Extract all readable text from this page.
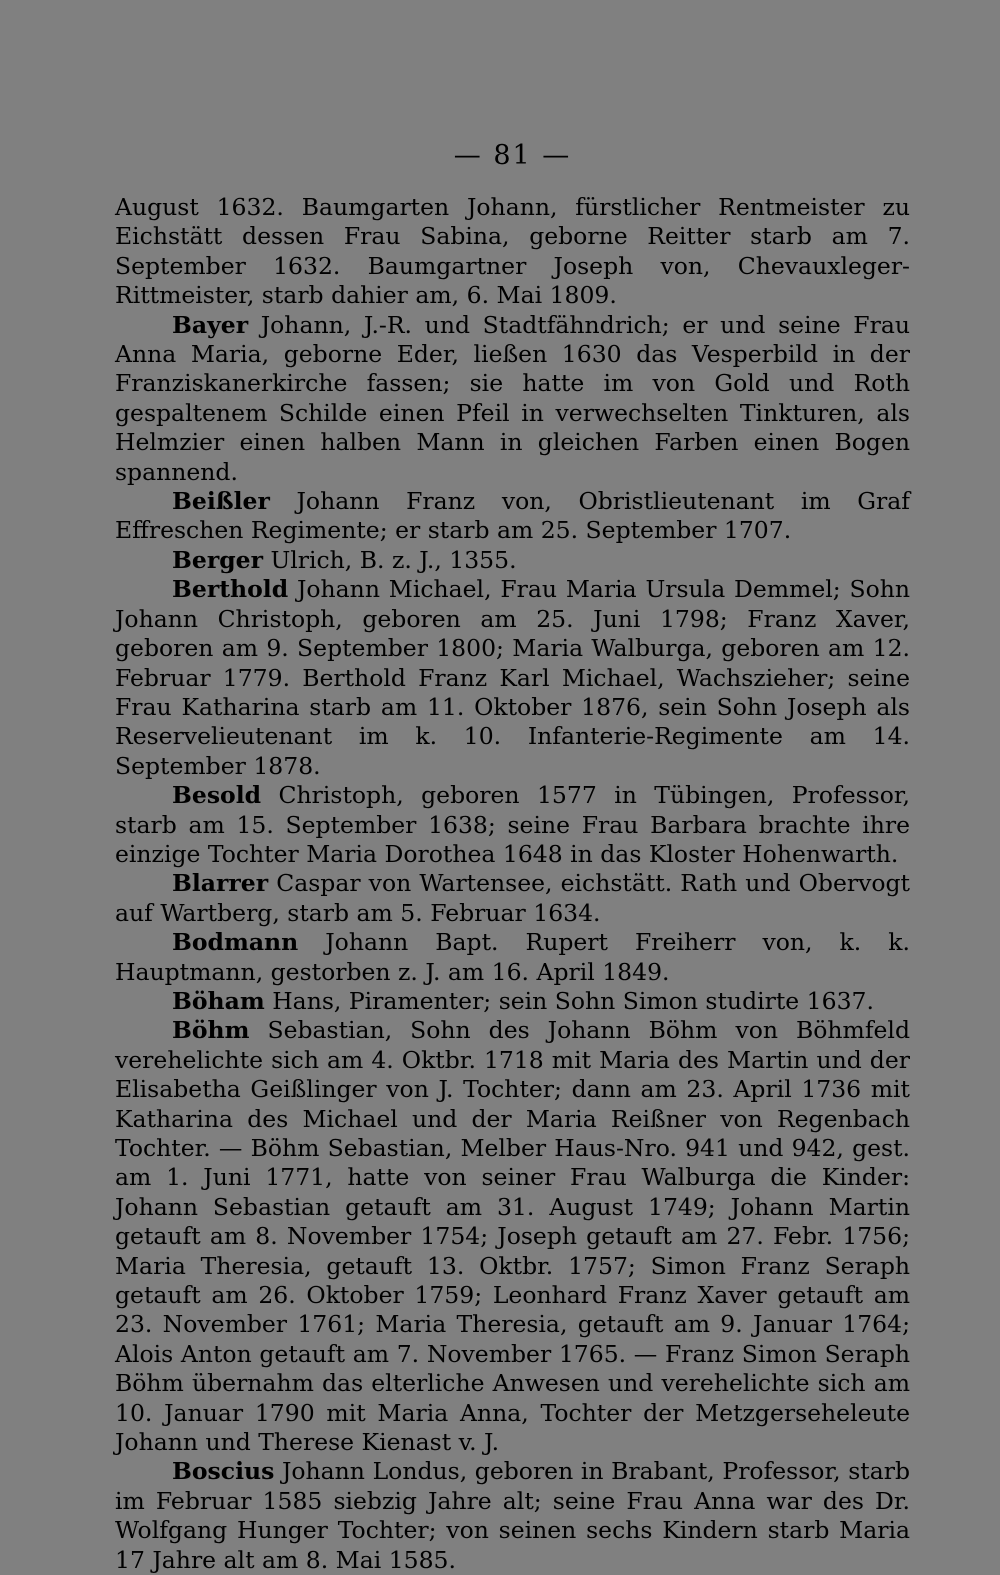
— 81 —

August 1632. Baumgarten Johann, fürstlicher Rentmeister zu Eichstätt dessen Frau Sabina, geborne Reitter starb am 7. September 1632. Baumgartner Joseph von, Chevauxleger-Rittmeister, starb dahier am, 6. Mai 1809.

Bayer Johann, J.-R. und Stadtfähndrich; er und seine Frau Anna Maria, geborne Eder, ließen 1630 das Vesperbild in der Franziskanerkirche fassen; sie hatte im von Gold und Roth gespaltenem Schilde einen Pfeil in verwechselten Tinkturen, als Helmzier einen halben Mann in gleichen Farben einen Bogen spannend.

Beißler Johann Franz von, Obristlieutenant im Graf Effreschen Regimente; er starb am 25. September 1707.

Berger Ulrich, B. z. J., 1355.

Berthold Johann Michael, Frau Maria Ursula Demmel; Sohn Johann Christoph, geboren am 25. Juni 1798; Franz Xaver, geboren am 9. September 1800; Maria Walburga, geboren am 12. Februar 1779. Berthold Franz Karl Michael, Wachszieher; seine Frau Katharina starb am 11. Oktober 1876, sein Sohn Joseph als Reservelieutenant im k. 10. Infanterie-Regimente am 14. September 1878.

Besold Christoph, geboren 1577 in Tübingen, Professor, starb am 15. September 1638; seine Frau Barbara brachte ihre einzige Tochter Maria Dorothea 1648 in das Kloster Hohenwarth.

Blarrer Caspar von Wartensee, eichstätt. Rath und Obervogt auf Wartberg, starb am 5. Februar 1634.

Bodmann Johann Bapt. Rupert Freiherr von, k. k. Hauptmann, gestorben z. J. am 16. April 1849.

Böham Hans, Piramenter; sein Sohn Simon studirte 1637.

Böhm Sebastian, Sohn des Johann Böhm von Böhmfeld verehelichte sich am 4. Oktbr. 1718 mit Maria des Martin und der Elisabetha Geißlinger von J. Tochter; dann am 23. April 1736 mit Katharina des Michael und der Maria Reißner von Regenbach Tochter. — Böhm Sebastian, Melber Haus-Nro. 941 und 942, gest. am 1. Juni 1771, hatte von seiner Frau Walburga die Kinder: Johann Sebastian getauft am 31. August 1749; Johann Martin getauft am 8. November 1754; Joseph getauft am 27. Febr. 1756; Maria Theresia, getauft 13. Oktbr. 1757; Simon Franz Seraph getauft am 26. Oktober 1759; Leonhard Franz Xaver getauft am 23. November 1761; Maria Theresia, getauft am 9. Januar 1764; Alois Anton getauft am 7. November 1765. — Franz Simon Seraph Böhm übernahm das elterliche Anwesen und verehelichte sich am 10. Januar 1790 mit Maria Anna, Tochter der Metzgerseheleute Johann und Therese Kienast v. J.

Boscius Johann Londus, geboren in Brabant, Professor, starb im Februar 1585 siebzig Jahre alt; seine Frau Anna war des Dr. Wolfgang Hunger Tochter; von seinen sechs Kindern starb Maria 17 Jahre alt am 8. Mai 1585.
